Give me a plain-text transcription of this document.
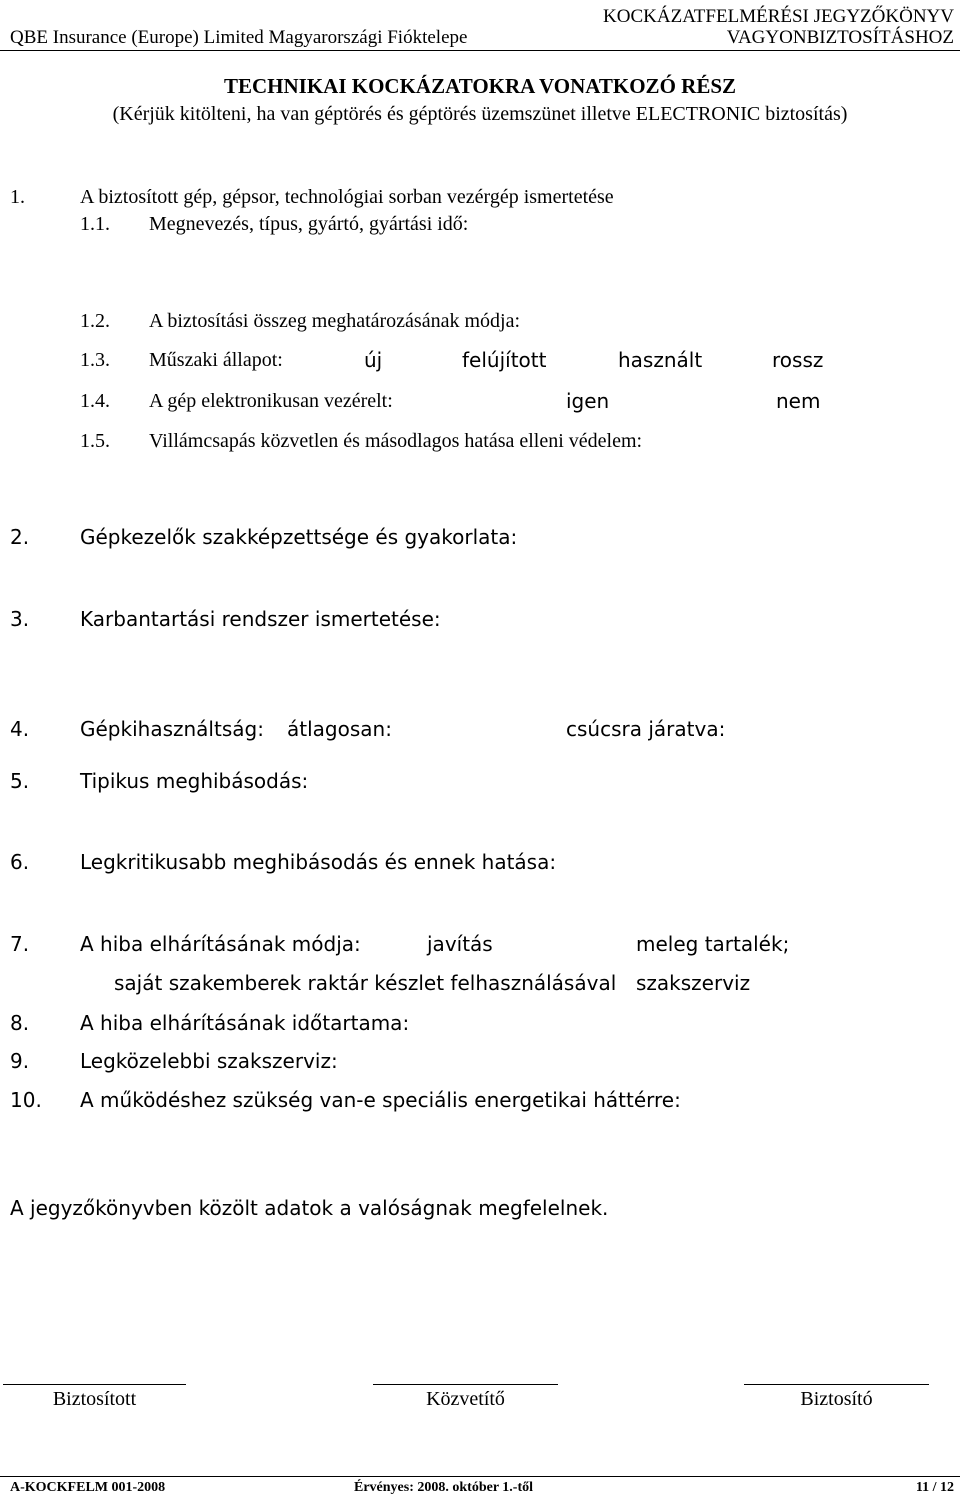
QBE Insurance (Europe) Limited Magyarországi Fióktelepe
KOCKÁZATFELMÉRÉSI JEGYZŐKÖNYV
VAGYONBIZTOSÍTÁSHOZ
TECHNIKAI KOCKÁZATOKRA VONATKOZÓ RÉSZ
(Kérjük kitölteni, ha van géptörés és géptörés üzemszünet illetve ELECTRONIC biztosítás)
1.	A biztosított gép, gépsor, technológiai sorban vezérgép ismertetése
1.1. Megnevezés, típus, gyártó, gyártási idő:
1.2. A biztosítási összeg meghatározásának módja:
1.3. Műszaki állapot:	új	felújított	használt	rossz
1.4. A gép elektronikusan vezérelt:	igen	nem
1.5. Villámcsapás közvetlen és másodlagos hatása elleni védelem:
2.	Gépkezelők szakképzettsége és gyakorlata:
3.	Karbantartási rendszer ismertetése:
4.	Gépkihasználtság: átlagosan:	csúcsra járatva:
5.	Tipikus meghibásodás:
6.	Legkritikusabb meghibásodás és ennek hatása:
7.	A hiba elhárításának módja:	javítás	meleg tartalék;
saját szakemberek raktár készlet felhasználásával szakszerviz
8.	A hiba elhárításának időtartama:
9.	Legközelebbi szakszerviz:
10. A működéshez szükség van-e speciális energetikai háttérre:
A jegyzőkönyvben közölt adatok a valóságnak megfelelnek.
Biztosított	Közvetítő	Biztosító
A-KOCKFELM 001-2008	Érvényes: 2008. október 1.-től	11 / 12
